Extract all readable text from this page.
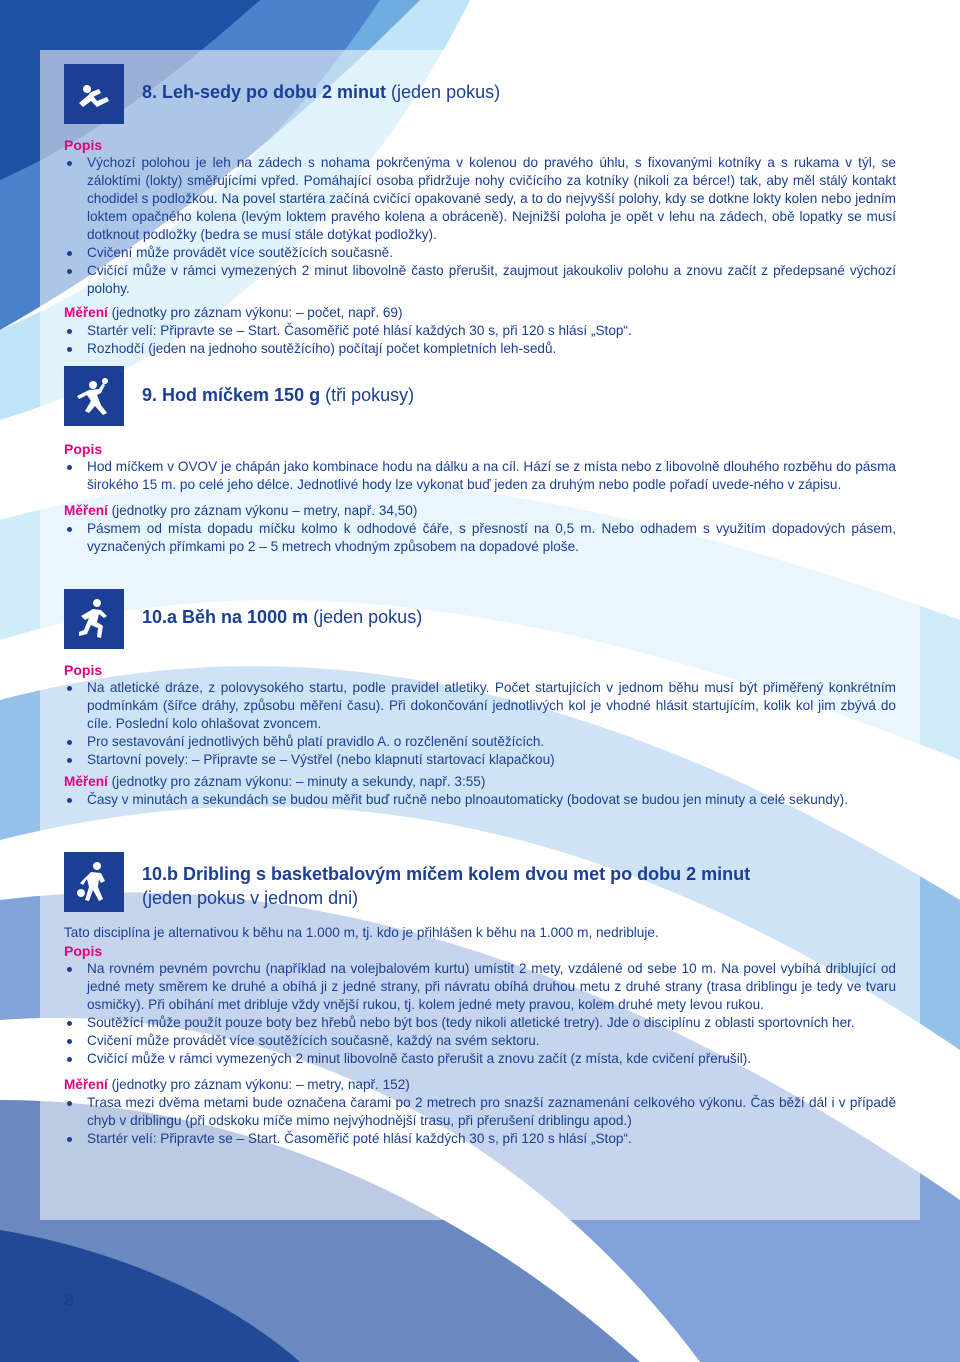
8. Leh-sedy po dobu 2 minut (jeden pokus)
Popis
Výchozí polohou je leh na zádech s nohama pokrčenýma v kolenou do pravého úhlu, s fixovanými kotníky a s rukama v týl, se záloktími (lokty) směřujícími vpřed. Pomáhající osoba přidržuje nohy cvičícího za kotníky (nikoli za bérce!) tak, aby měl stálý kontakt chodidel s podložkou. Na povel startéra začíná cvičící opakované sedy, a to do nejvyšší polohy, kdy se dotkne lokty kolen nebo jedním loktem opačného kolena (levým loktem pravého kolena a obráceně). Nejnižší poloha je opět v lehu na zádech, obě lopatky se musí dotknout podložky (bedra se musí stále dotýkat podložky).
Cvičení může provádět více soutěžících současně.
Cvičící může v rámci vymezených 2 minut libovolně často přerušit, zaujmout jakoukoliv polohu a znovu začít z předepsané výchozí polohy.
Měření (jednotky pro záznam výkonu: – počet, např. 69)
Startér velí: Připravte se – Start. Časoměřič poté hlásí každých 30 s, při 120 s hlásí „Stop“.
Rozhodčí (jeden na jednoho soutěžícího) počítají počet kompletních leh-sedů.
9. Hod míčkem 150 g (tři pokusy)
Popis
Hod míčkem v OVOV je chápán jako kombinace hodu na dálku a na cíl. Hází se z místa nebo z libovolně dlouhého rozběhu do pásma širokého 15 m. po celé jeho délce. Jednotlivé hody lze vykonat buď jeden za druhým nebo podle pořadí uvede-ného v zápisu.
Měření (jednotky pro záznam výkonu – metry, např. 34,50)
Pásmem od místa dopadu míčku kolmo k odhodové čáře, s přesností na 0,5 m. Nebo odhadem s využitím dopadových pásem, vyznačených přímkami po 2 – 5 metrech vhodným způsobem na dopadové ploše.
10.a Běh na 1000 m (jeden pokus)
Popis
Na atletické dráze, z polovysokého startu, podle pravidel atletiky. Počet startujících v jednom běhu musí být přiměřený konkrétním podmínkám (šířce dráhy, způsobu měření času). Při dokončování jednotlivých kol je vhodné hlásit startujícím, kolik kol jim zbývá do cíle. Poslední kolo ohlašovat zvoncem.
Pro sestavování jednotlivých běhů platí pravidlo A. o rozčlenění soutěžících.
Startovní povely: – Připravte se – Výstřel (nebo klapnutí startovací klapačkou)
Měření (jednotky pro záznam výkonu: – minuty a sekundy, např. 3:55)
Časy v minutách a sekundách se budou měřit buď ručně nebo plnoautomaticky (bodovat se budou jen minuty a celé sekundy).
10.b Dribling s basketbalovým míčem kolem dvou met po dobu 2 minut
(jeden pokus v jednom dni)
Tato disciplína je alternativou k běhu na 1.000 m, tj. kdo je přihlášen k běhu na 1.000 m, nedribluje.
Popis
Na rovném pevném povrchu (například na volejbalovém kurtu) umístit 2 mety, vzdálené od sebe 10 m. Na povel vybíhá driblující od jedné mety směrem ke druhé a obíhá ji z jedné strany, při návratu obíhá druhou metu z druhé strany (trasa driblingu je tedy ve tvaru osmičky). Při obíhání met dribluje vždy vnější rukou, tj. kolem jedné mety pravou, kolem druhé mety levou rukou.
Soutěžící může použít pouze boty bez hřebů nebo být bos (tedy nikoli atletické tretry). Jde o disciplínu z oblasti sportovních her.
Cvičení může provádět více soutěžících současně, každý na svém sektoru.
Cvičící může v rámci vymezených 2 minut libovolně často přerušit a znovu začít (z místa, kde cvičení přerušil).
Měření (jednotky pro záznam výkonu: – metry, např. 152)
Trasa mezi dvěma metami bude označena čarami po 2 metrech pro snazší zaznamenání celkového výkonu. Čas běží dál i v případě chyb v driblingu (při odskoku míče mimo nejvýhodnější trasu, při přerušení driblingu apod.)
Startér velí: Připravte se – Start. Časoměřič poté hlásí každých 30 s, při 120 s hlásí „Stop“.
8
